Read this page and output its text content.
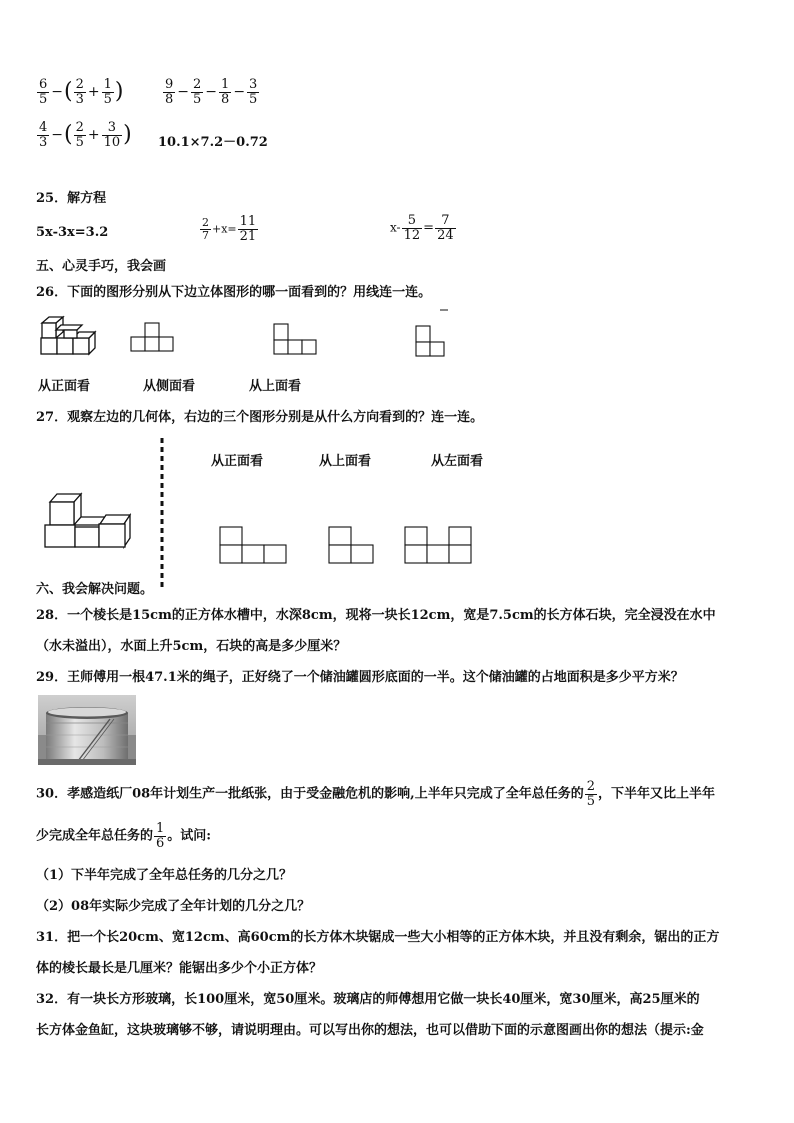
$\frac{6}{5}$ −( $\frac{2}{3} + \frac{1}{5}$ )	$\frac{9}{8} - \frac{2}{5} - \frac{1}{8} - \frac{3}{5}$
$\frac{4}{3}$ −( $\frac{2}{5} + \frac{3}{10}$ ) 10.1×7.2－0.72
25．解方程
5x-3x=3.2	$\frac{2}{7} +x= \frac{11}{21}$	$x- \frac{5}{12} = \frac{7}{24}$
五、心灵手巧，我会画
26．下面的图形分别从下边立体图形的哪一面看到的？用线连一连。
从正面看	从侧面看	从上面看
27．观察左边的几何体，右边的三个图形分别是从什么方向看到的？连一连。
从正面看	从上面看	从左面看
六、我会解决问题。
28．一个棱长是15cm的正方体水槽中，水深8cm，现将一块长12cm，宽是7.5cm的长方体石块，完全浸没在水中
（水未溢出），水面上升5cm，石块的高是多少厘米？
29．王师傅用一根47.1米的绳子，正好绕了一个储油罐圆形底面的一半。这个储油罐的占地面积是多少平方米？
30．孝感造纸厂08年计划生产一批纸张，由于受金融危机的影响,上半年只完成了全年总任务的 $\frac{2}{5}$ ，下半年又比上半年
少完成全年总任务的 $\frac{1}{6}$ 。试问:
（1）下半年完成了全年总任务的几分之几？
（2）08年实际少完成了全年计划的几分之几？
31．把一个长20cm、宽12cm、高60cm的长方体木块锯成一些大小相等的正方体木块，并且没有剩余，锯出的正方
体的棱长最长是几厘米？能锯出多少个小正方体？
32．有一块长方形玻璃，长100厘米，宽50厘米。玻璃店的师傅想用它做一块长40厘米，宽30厘米，高25厘米的
长方体金鱼缸，这块玻璃够不够，请说明理由。可以写出你的想法，也可以借助下面的示意图画出你的想法（提示:金
